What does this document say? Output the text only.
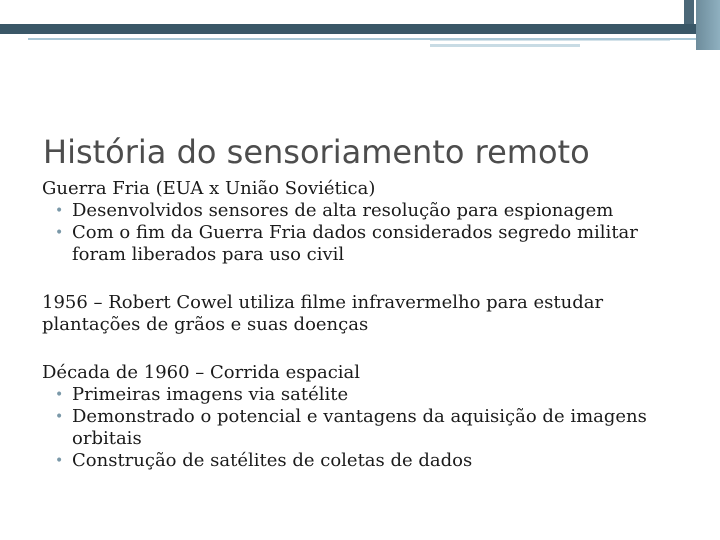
História do sensoriamento remoto

Guerra Fria (EUA x União Soviética)

• Desenvolvidos sensores de alta resolução para espionagem
• Com o fim da Guerra Fria dados considerados segredo militar foram liberados para uso civil

1956 – Robert Cowel utiliza filme infravermelho para estudar plantações de grãos e suas doenças

Década de 1960 – Corrida espacial

• Primeiras imagens via satélite
• Demonstrado o potencial e vantagens da aquisição de imagens orbitais
• Construção de satélites de coletas de dados
